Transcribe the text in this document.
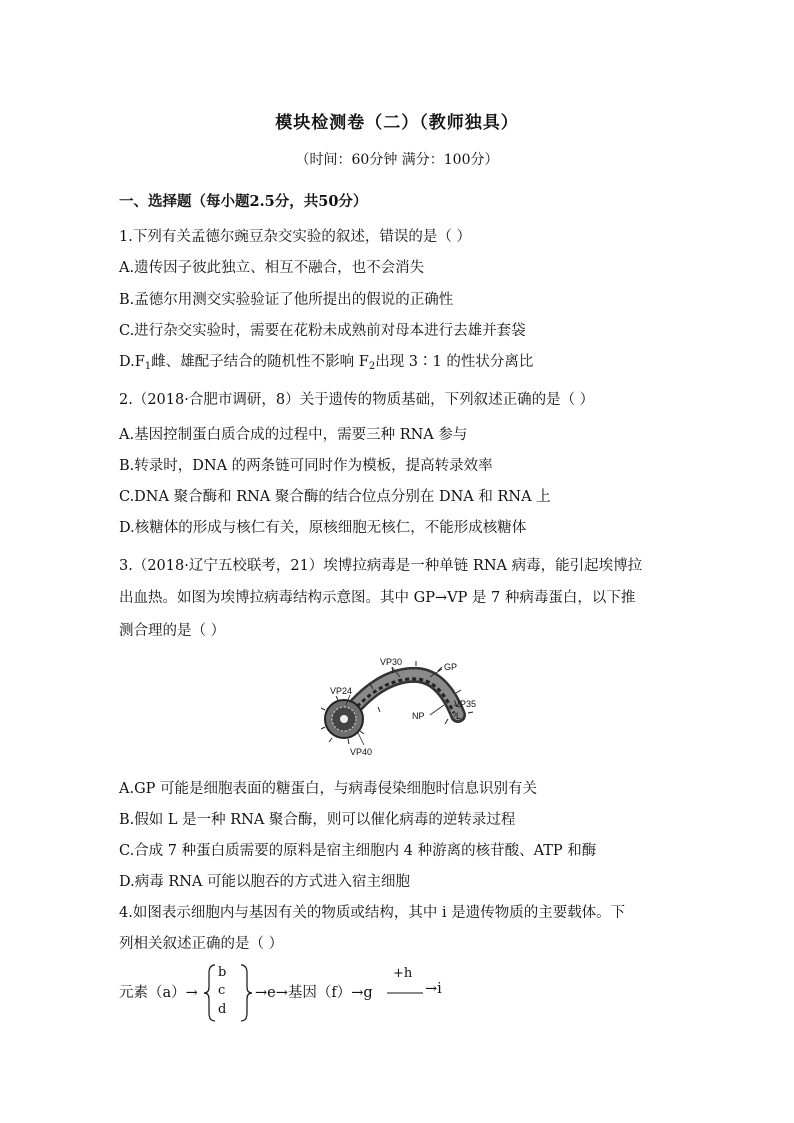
模块检测卷（二）（教师独具）
（时间：60分钟 满分：100分）
一、选择题（每小题2.5分，共50分）
1.下列有关孟德尔豌豆杂交实验的叙述，错误的是（ ）
A.遗传因子彼此独立、相互不融合，也不会消失
B.孟德尔用测交实验验证了他所提出的假说的正确性
C.进行杂交实验时，需要在花粉未成熟前对母本进行去雄并套袋
$D.F_1$雌、雄配子结合的随机性不影响 $F_2$出现 3∶1 的性状分离比
2.（2018·合肥市调研，8）关于遗传的物质基础，下列叙述正确的是（ ）
A.基因控制蛋白质合成的过程中，需要三种 RNA 参与
B.转录时，DNA 的两条链可同时作为模板，提高转录效率
C.DNA 聚合酶和 RNA 聚合酶的结合位点分别在 DNA 和 RNA 上
D.核糖体的形成与核仁有关，原核细胞无核仁，不能形成核糖体
3.（2018·辽宁五校联考，21）埃博拉病毒是一种单链 RNA 病毒，能引起埃博拉
出血热。如图为埃博拉病毒结构示意图。其中 GP→VP 是 7 种病毒蛋白，以下推
测合理的是（ ）
VP30	GP
VP24
VP35
NP	L
VP40
A.GP 可能是细胞表面的糖蛋白，与病毒侵染细胞时信息识别有关
B.假如 L 是一种 RNA 聚合酶，则可以催化病毒的逆转录过程
C.合成 7 种蛋白质需要的原料是宿主细胞内 4 种游离的核苷酸、ATP 和酶
D.病毒 RNA 可能以胞吞的方式进入宿主细胞
4.如图表示细胞内与基因有关的物质或结构，其中 i 是遗传物质的主要载体。下
列相关叙述正确的是（ ）
元素（a）→
b
c
d
→e→基因（f）→g
+h
→i
